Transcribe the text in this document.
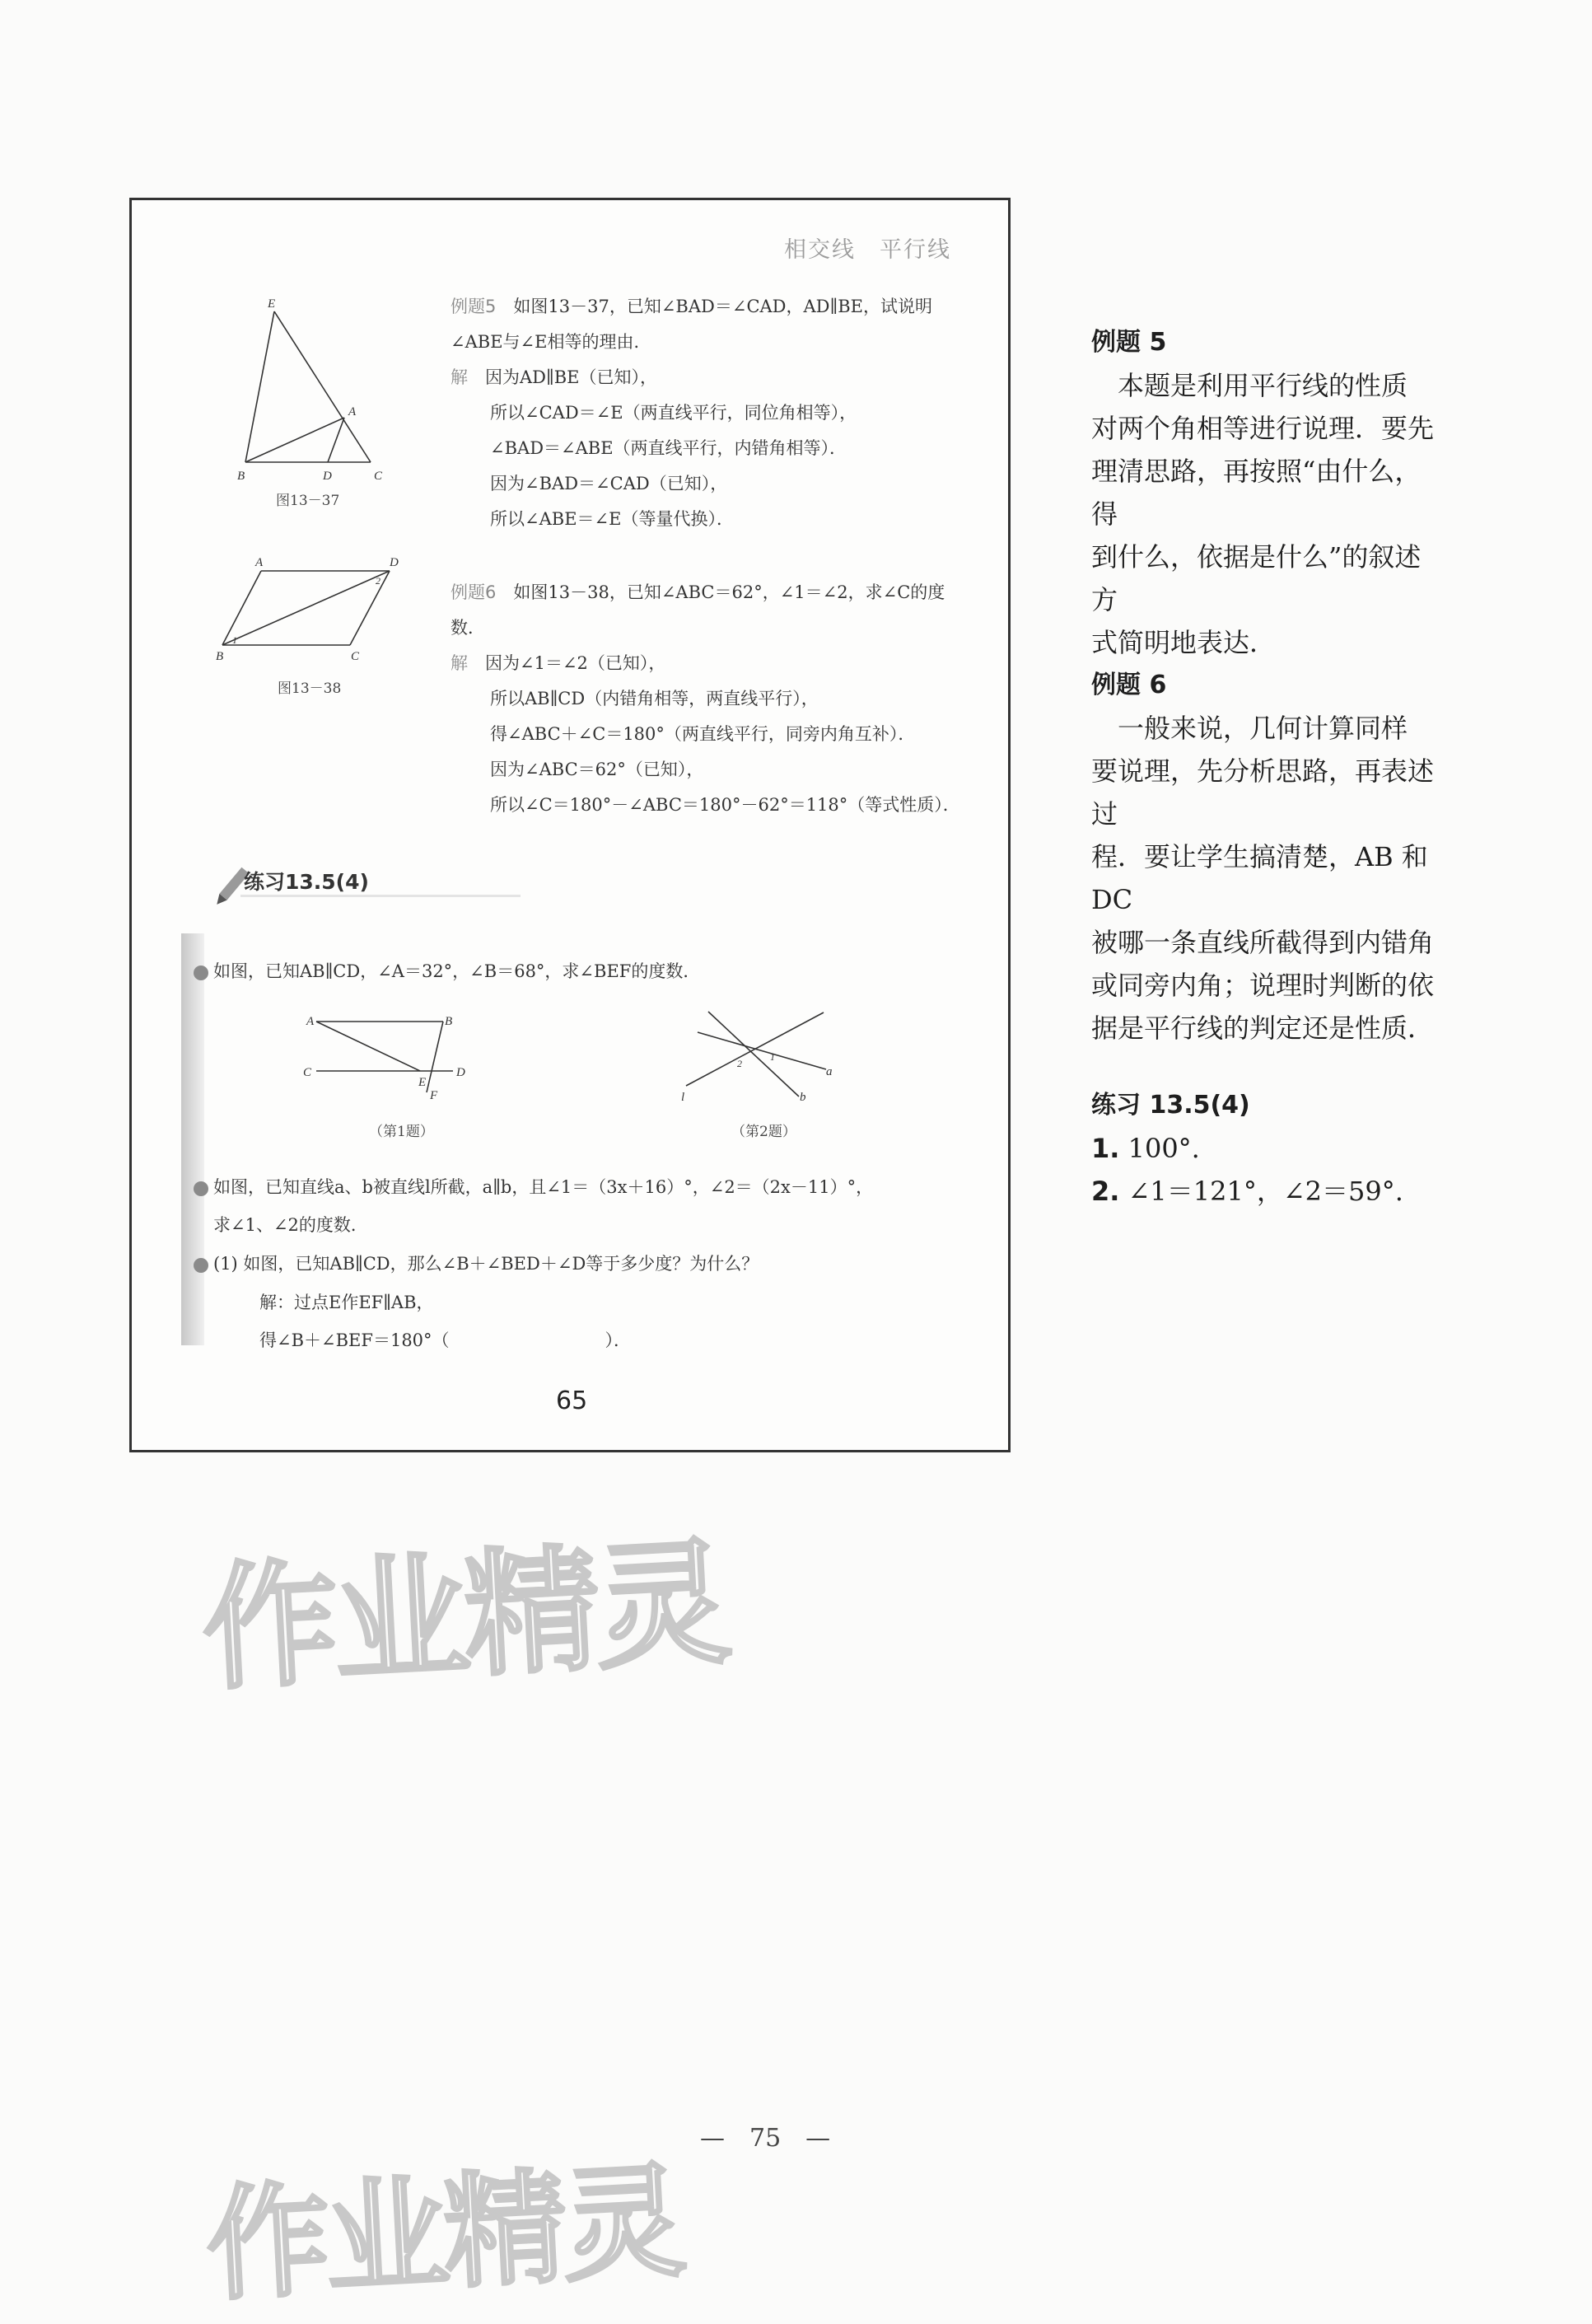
相交线　平行线
E
A
B	D	C
图13－37
例题5　 如图13－37，已知∠BAD＝∠CAD，AD∥BE，试说明
∠ABE与∠E相等的理由．
解　 因为AD∥BE（已知），
所以∠CAD＝∠E（两直线平行，同位角相等），
∠BAD＝∠ABE（两直线平行，内错角相等）．
因为∠BAD＝∠CAD（已知），
所以∠ABE＝∠E（等量代换）．
A	D
B	C
1
2
图13－38
例题6　 如图13－38，已知∠ABC＝62°，∠1＝∠2，求∠C的度
数．
解　 因为∠1＝∠2（已知），
所以AB∥CD（内错角相等，两直线平行），
得∠ABC＋∠C＝180°（两直线平行，同旁内角互补）．
因为∠ABC＝62°（已知），
所以∠C＝180°－∠ABC＝180°－62°＝118°（等式性质）．
练习13.5(4)
如图，已知AB∥CD，∠A＝32°，∠B＝68°，求∠BEF的度数．
A	B
C	D
E
F
（第1题）
l	b
a
1
2
（第2题）
如图，已知直线a、b被直线l所截，a∥b，且∠1＝（3x＋16）°，∠2＝（2x－11）°，
求∠1、∠2的度数．
(1) 如图，已知AB∥CD，那么∠B＋∠BED＋∠D等于多少度？为什么？
解：过点E作EF∥AB，
得∠B＋∠BEF＝180°（　　　　　　　　　）．
65
例题 5
　本题是利用平行线的性质
对两个角相等进行说理．要先
理清思路，再按照“由什么，得
到什么，依据是什么”的叙述方
式简明地表达．
例题 6
　一般来说，几何计算同样
要说理，先分析思路，再表述过
程．要让学生搞清楚，AB 和 DC
被哪一条直线所截得到内错角
或同旁内角；说理时判断的依
据是平行线的判定还是性质．
练习 13.5(4)
1. 100°.
2. ∠1＝121°，∠2＝59°.
—　75　—
作业精灵
作业精灵
